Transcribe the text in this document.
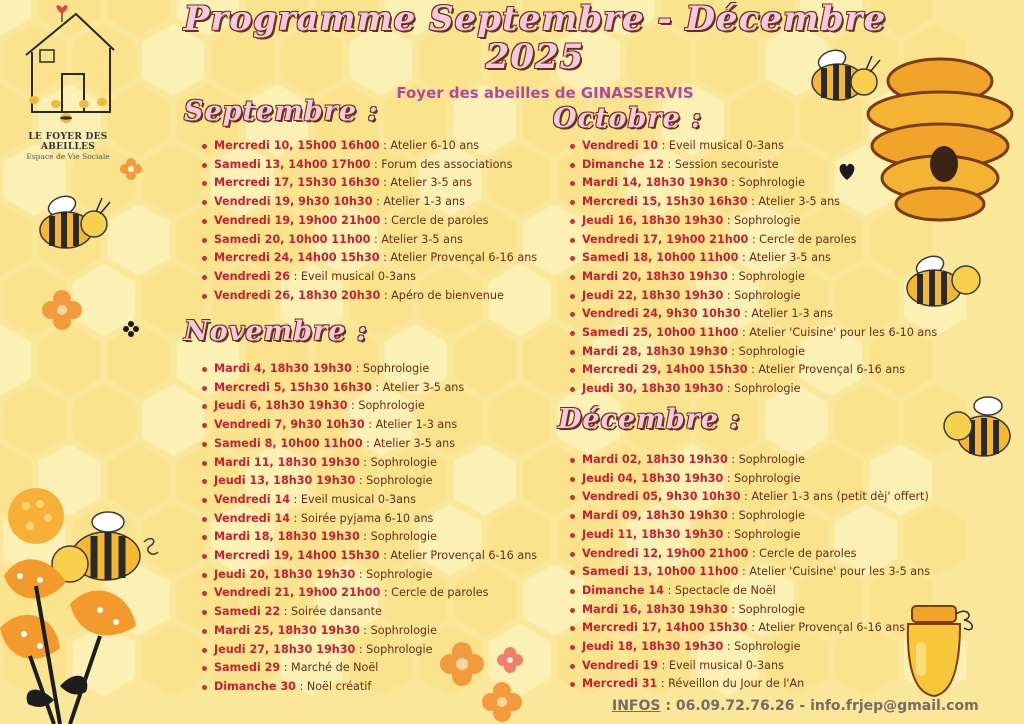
LE FOYER DES ABEILLES
Espace de Vie Sociale
Programme Septembre - Décembre
2025
Foyer des abeilles de GINASSERVIS
Septembre :
Mercredi 10, 15h00 16h00 : Atelier 6-10 ans
Samedi 13, 14h00 17h00 : Forum des associations
Mercredi 17, 15h30 16h30 : Atelier 3-5 ans
Vendredi 19, 9h30 10h30 : Atelier 1-3 ans
Vendredi 19, 19h00 21h00 : Cercle de paroles
Samedi 20, 10h00 11h00 : Atelier 3-5 ans
Mercredi 24, 14h00 15h30 : Atelier Provençal 6-16 ans
Vendredi 26 : Eveil musical 0-3ans
Vendredi 26, 18h30 20h30 : Apéro de bienvenue
Novembre :
Mardi 4, 18h30 19h30 : Sophrologie
Mercredi 5, 15h30 16h30 : Atelier 3-5 ans
Jeudi 6, 18h30 19h30 : Sophrologie
Vendredi 7, 9h30 10h30 : Atelier 1-3 ans
Samedi 8, 10h00 11h00 : Atelier 3-5 ans
Mardi 11, 18h30 19h30 : Sophrologie
Jeudi 13, 18h30 19h30 : Sophrologie
Vendredi 14 : Eveil musical 0-3ans
Vendredi 14 : Soirée pyjama 6-10 ans
Mardi 18, 18h30 19h30 : Sophrologie
Mercredi 19, 14h00 15h30 : Atelier Provençal 6-16 ans
Jeudi 20, 18h30 19h30 : Sophrologie
Vendredi 21, 19h00 21h00 : Cercle de paroles
Samedi 22 : Soirée dansante
Mardi 25, 18h30 19h30 : Sophrologie
Jeudi 27, 18h30 19h30 : Sophrologie
Samedi 29 : Marché de Noël
Dimanche 30 : Noël créatif
Octobre :
Vendredi 10 : Eveil musical 0-3ans
Dimanche 12 : Session secouriste
Mardi 14, 18h30 19h30 : Sophrologie
Mercredi 15, 15h30 16h30 : Atelier 3-5 ans
Jeudi 16, 18h30 19h30 : Sophrologie
Vendredi 17, 19h00 21h00 : Cercle de paroles
Samedi 18, 10h00 11h00 : Atelier 3-5 ans
Mardi 20, 18h30 19h30 : Sophrologie
Jeudi 22, 18h30 19h30 : Sophrologie
Vendredi 24, 9h30 10h30 : Atelier 1-3 ans
Samedi 25, 10h00 11h00 : Atelier 'Cuisine' pour les 6-10 ans
Mardi 28, 18h30 19h30 : Sophrologie
Mercredi 29, 14h00 15h30 : Atelier Provençal 6-16 ans
Jeudi 30, 18h30 19h30 : Sophrologie
Décembre :
Mardi 02, 18h30 19h30 : Sophrologie
Jeudi 04, 18h30 19h30 : Sophrologie
Vendredi 05, 9h30 10h30 : Atelier 1-3 ans (petit dèj' offert)
Mardi 09, 18h30 19h30 : Sophrologie
Jeudi 11, 18h30 19h30 : Sophrologie
Vendredi 12, 19h00 21h00 : Cercle de paroles
Samedi 13, 10h00 11h00 : Atelier 'Cuisine' pour les 3-5 ans
Dimanche 14 : Spectacle de Noël
Mardi 16, 18h30 19h30 : Sophrologie
Mercredi 17, 14h00 15h30 : Atelier Provençal 6-16 ans
Jeudi 18, 18h30 19h30 : Sophrologie
Vendredi 19 : Eveil musical 0-3ans
Mercredi 31 : Réveillon du Jour de l'An
INFOS : 06.09.72.76.26 - info.frjep@gmail.com
